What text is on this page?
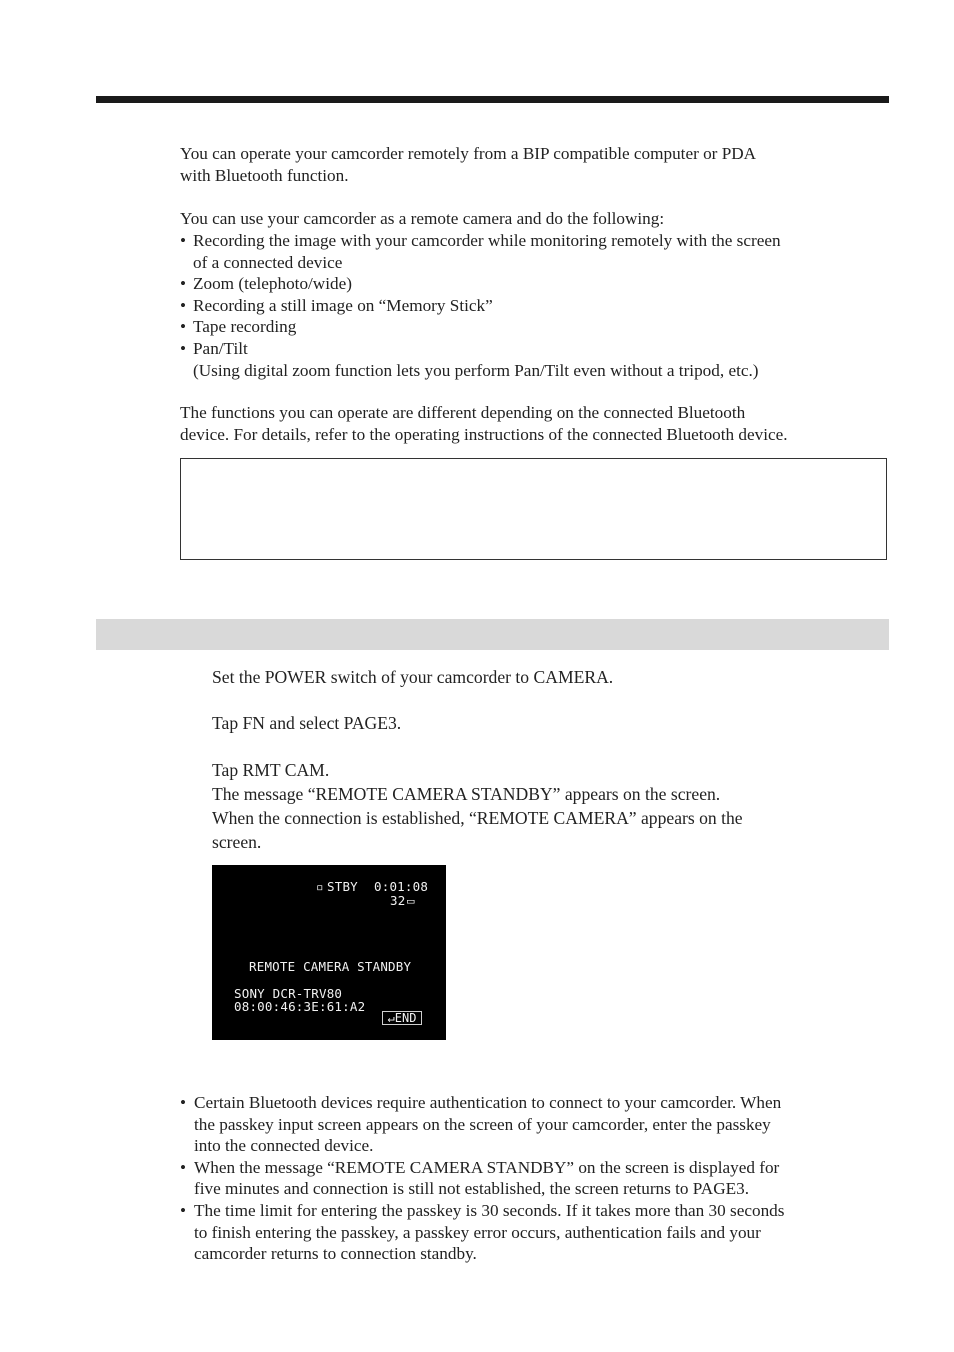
You can operate your camcorder remotely from a BIP compatible computer or PDA
with Bluetooth function.
You can use your camcorder as a remote camera and do the following:
• Recording the image with your camcorder while monitoring remotely with the screen
of a connected device
• Zoom (telephoto/wide)
• Recording a still image on “Memory Stick”
• Tape recording
• Pan/Tilt
(Using digital zoom function lets you perform Pan/Tilt even without a tripod, etc.)
The functions you can operate are different depending on the connected Bluetooth
device. For details, refer to the operating instructions of the connected Bluetooth device.
Set the POWER switch of your camcorder to CAMERA.
Tap FN and select PAGE3.
Tap RMT CAM.
The message “REMOTE CAMERA STANDBY” appears on the screen.
When the connection is established, “REMOTE CAMERA” appears on the
screen.
▫ STBY 0:01:08
32 ▭
REMOTE CAMERA STANDBY
SONY DCR-TRV80
08:00:46:3E:61:A2
↵END
• Certain Bluetooth devices require authentication to connect to your camcorder. When
the passkey input screen appears on the screen of your camcorder, enter the passkey
into the connected device.
• When the message “REMOTE CAMERA STANDBY” on the screen is displayed for
five minutes and connection is still not established, the screen returns to PAGE3.
• The time limit for entering the passkey is 30 seconds. If it takes more than 30 seconds
to finish entering the passkey, a passkey error occurs, authentication fails and your
camcorder returns to connection standby.
